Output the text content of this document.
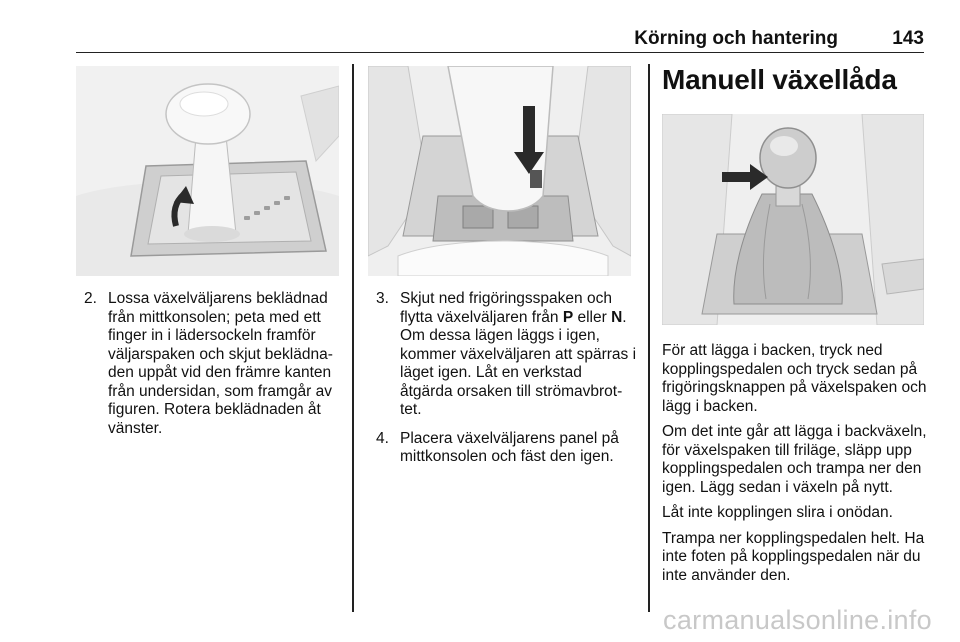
Körning och hantering	143
2. Lossa växelväljarens beklädnad från mittkonsolen; peta med ett finger in i lädersockeln framför väljarspaken och skjut beklädnaden uppåt vid den främre kanten från undersidan, som framgår av figuren. Rotera beklädnaden åt vänster.
3. Skjut ned frigöringsspaken och flytta växelväljaren från P eller N. Om dessa lägen läggs i igen, kommer växelväljaren att spärras i läget igen. Låt en verkstad åtgärda orsaken till strömavbrottet.
4. Placera växelväljarens panel på mittkonsolen och fäst den igen.
Manuell växellåda

För att lägga i backen, tryck ned kopplingspedalen och tryck sedan på frigöringsknappen på växelspaken och lägg i backen.

Om det inte går att lägga i backväxeln, för växelspaken till friläge, släpp upp kopplingspedalen och trampa ner den igen. Lägg sedan i växeln på nytt.

Låt inte kopplingen slira i onödan.

Trampa ner kopplingspedalen helt. Ha inte foten på kopplingspedalen när du inte använder den.

carmanualsonline.info
